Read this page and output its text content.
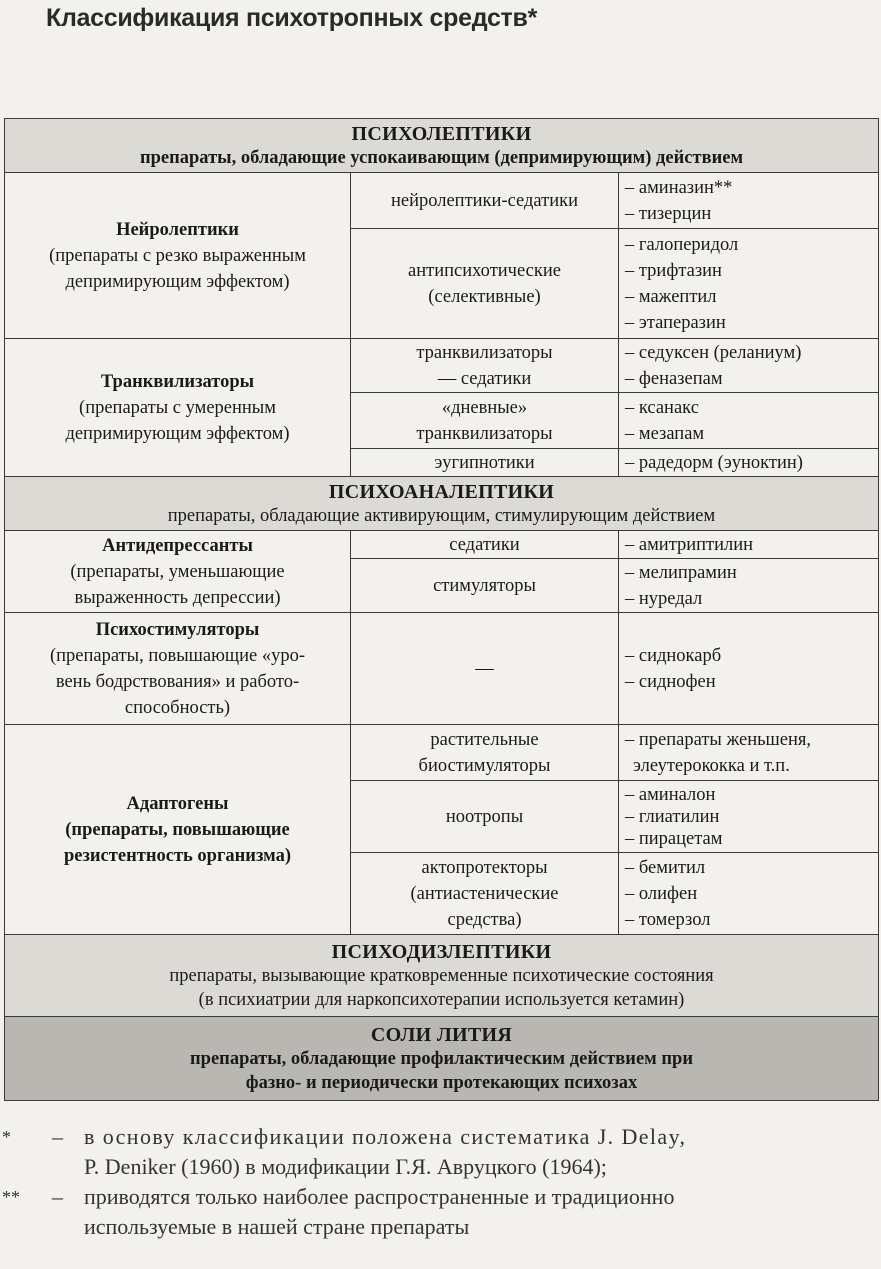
Классификация психотропных средств*
ПСИХОЛЕПТИКИ
препараты, обладающие успокаивающим (депримирующим) действием		

Нейролептики
(препараты с резко выраженным
депримирующим эффектом)	нейролептики-седатики	– аминазин**
– тизерцин

	антипсихотические
(селективные)	– галоперидол
– трифтазин
– мажептил
– этаперазин

Транквилизаторы
(препараты с умеренным
депримирующим эффектом)	транквилизаторы
— седатики	– седуксен (реланиум)
– феназепам

	«дневные»
транквилизаторы	– ксанакс
– мезапам

	эугипнотики	– радедорм (эуноктин)

ПСИХОАНАЛЕПТИКИ
препараты, обладающие активирующим, стимулирующим действием		

Антидепрессанты
(препараты, уменьшающие
выраженность депрессии)	седатики	– амитриптилин

	стимуляторы	– мелипрамин
– нуредал

Психостимуляторы
(препараты, повышающие «уро-
вень бодрствования» и работо-
способность)	—	– сиднокарб
– сиднофен

Адаптогены
(препараты, повышающие
резистентность организма)	растительные
биостимуляторы	– препараты женьшеня,
элеутерококка и т.п.

	ноотропы	– аминалон
– глиатилин
– пирацетам

	актопротекторы
(антиастенические
средства)	– бемитил
– олифен
– томерзол

ПСИХОДИЗЛЕПТИКИ
препараты, вызывающие кратковременные психотические состояния
(в психиатрии для наркопсихотерапии используется кетамин)		

СОЛИ ЛИТИЯ
препараты, обладающие профилактическим действием при
фазно- и периодически протекающих психозах		
* – в основу классификации положена систематика J. Delay,
P. Deniker (1960) в модификации Г.Я. Авруцкого (1964);
** – приводятся только наиболее распространенные и традиционно
используемые в нашей стране препараты
